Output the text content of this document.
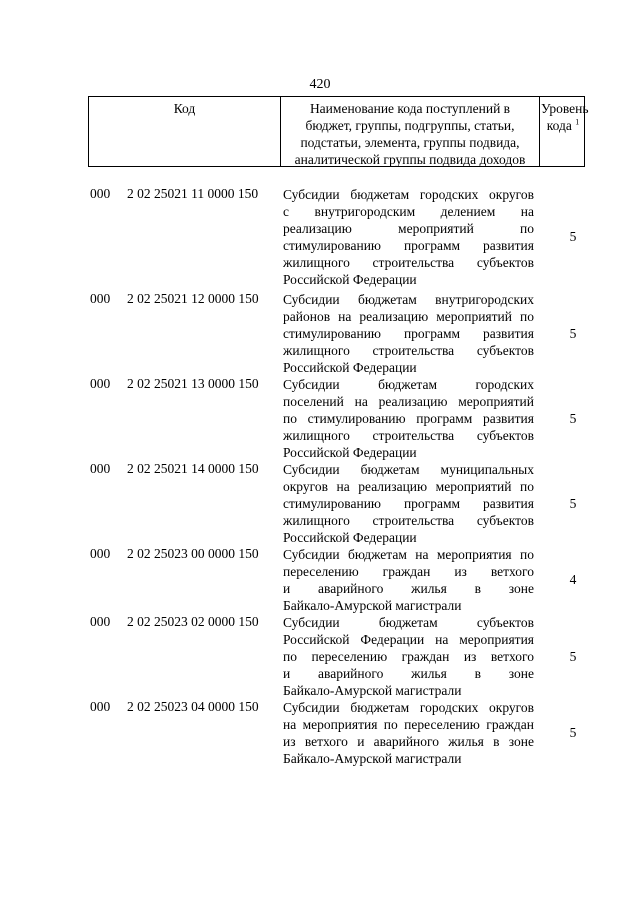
420
Код	Наименование кода поступлений в
бюджет, группы, подгруппы, статьи,
подстатьи, элемента, группы подвида,
аналитической группы подвида доходов
Уровень
кода $^1$
000 2 02 25021 11 0000 150 Субсидии бюджетам городских округов
с внутригородским делением на
реализацию мероприятий по
стимулированию программ развития
жилищного строительства субъектов
Российской Федерации
5
000 2 02 25021 12 0000 150 Субсидии бюджетам внутригородских
районов на реализацию мероприятий по
стимулированию программ развития
жилищного строительства субъектов
Российской Федерации
5
000 2 02 25021 13 0000 150 Субсидии бюджетам городских
поселений на реализацию мероприятий
по стимулированию программ развития
жилищного строительства субъектов
Российской Федерации
5
000 2 02 25021 14 0000 150 Субсидии бюджетам муниципальных
округов на реализацию мероприятий по
стимулированию программ развития
жилищного строительства субъектов
Российской Федерации
5
000 2 02 25023 00 0000 150 Субсидии бюджетам на мероприятия по
переселению граждан из ветхого
и аварийного жилья в зоне
Байкало-Амурской магистрали
4
000 2 02 25023 02 0000 150 Субсидии бюджетам субъектов
Российской Федерации на мероприятия
по переселению граждан из ветхого
и аварийного жилья в зоне
Байкало-Амурской магистрали
5
000 2 02 25023 04 0000 150 Субсидии бюджетам городских округов
на мероприятия по переселению граждан
из ветхого и аварийного жилья в зоне
Байкало-Амурской магистрали
5
